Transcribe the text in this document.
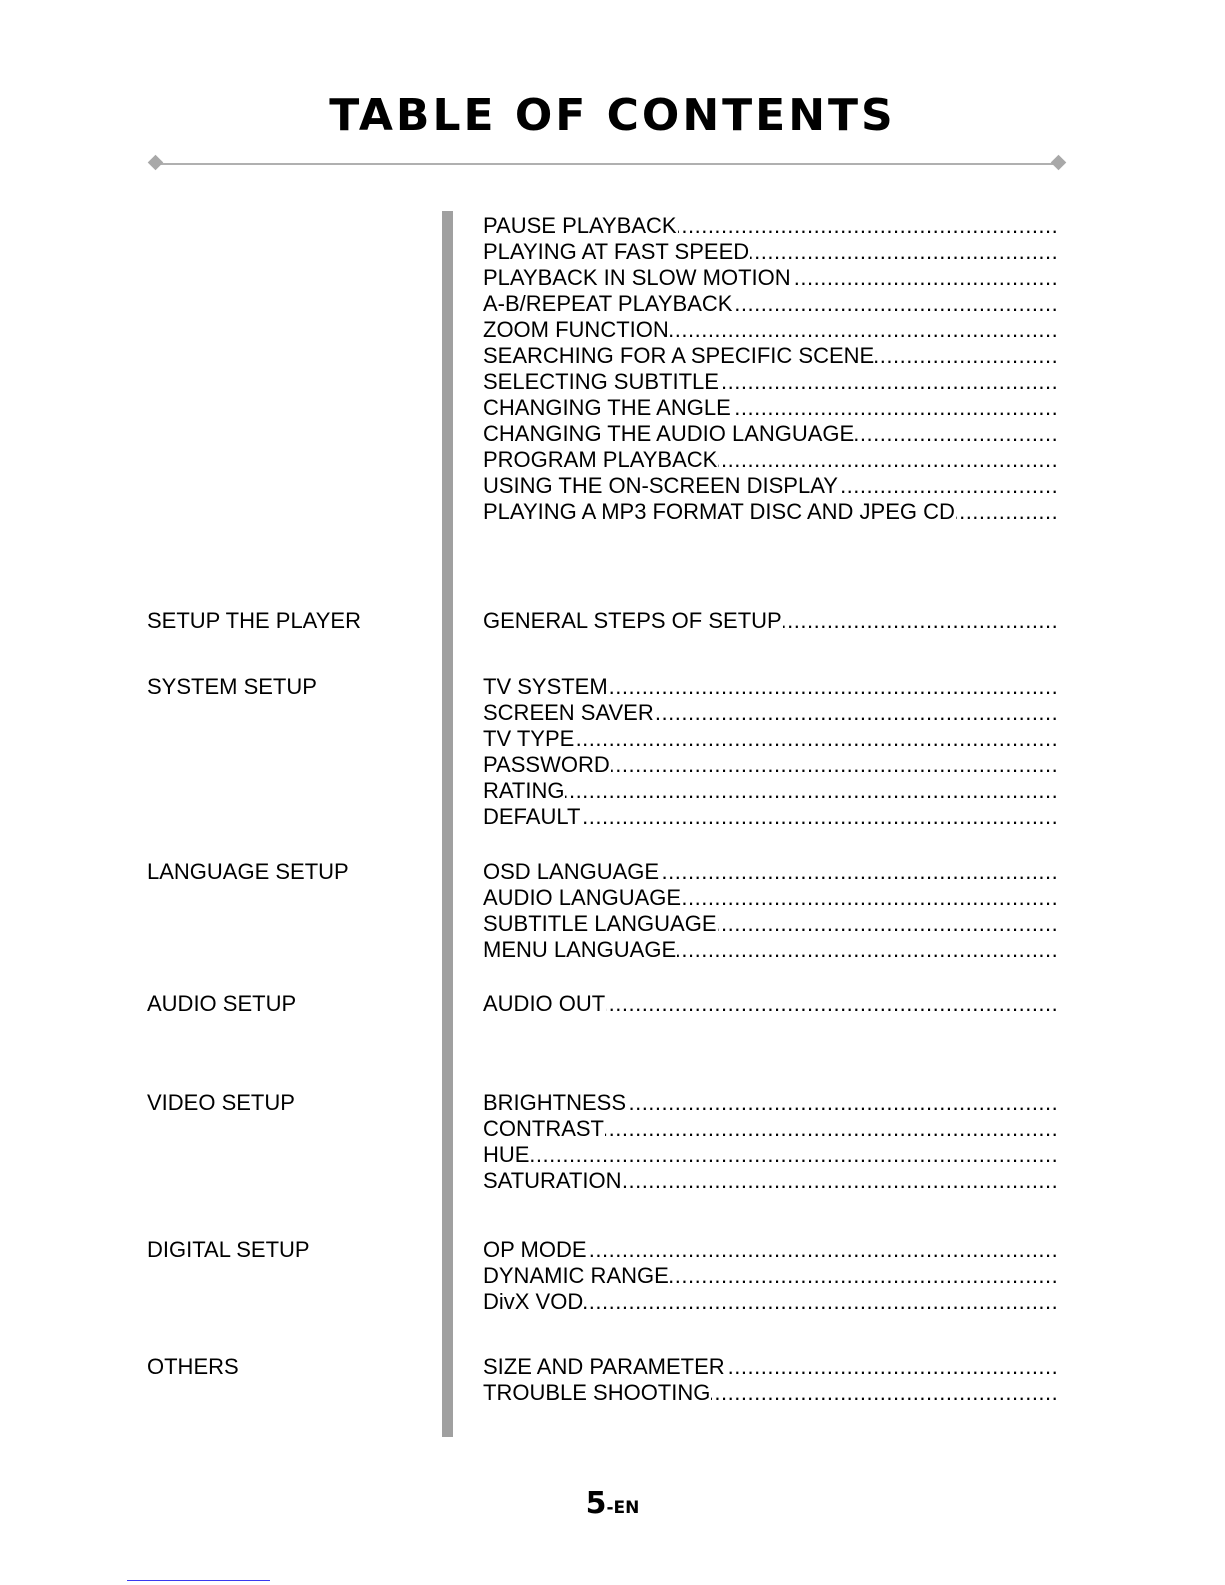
TABLE OF CONTENTS
SETUP THE PLAYER
SYSTEM SETUP
LANGUAGE SETUP
AUDIO SETUP
VIDEO SETUP
DIGITAL SETUP
OTHERS
PAUSE PLAYBACK .....
PLAYING AT FAST SPEED .....
PLAYBACK IN SLOW MOTION .....
A-B/REPEAT PLAYBACK .....
ZOOM FUNCTION .....
SEARCHING FOR A SPECIFIC SCENE .....
SELECTING SUBTITLE .....
CHANGING THE ANGLE .....
CHANGING THE AUDIO LANGUAGE .....
PROGRAM PLAYBACK .....
USING THE ON-SCREEN DISPLAY .....
PLAYING A MP3 FORMAT DISC AND JPEG CD .....
GENERAL STEPS OF SETUP .....
TV SYSTEM .....
SCREEN SAVER .....
TV TYPE .....
PASSWORD .....
RATING .....
DEFAULT .....
OSD LANGUAGE .....
AUDIO LANGUAGE .....
SUBTITLE LANGUAGE .....
MENU LANGUAGE .....
AUDIO OUT .....
BRIGHTNESS .....
CONTRAST .....
HUE .....
SATURATION .....
OP MODE .....
DYNAMIC RANGE .....
DivX VOD .....
SIZE AND PARAMETER .....
TROUBLE SHOOTING .....
5-EN
